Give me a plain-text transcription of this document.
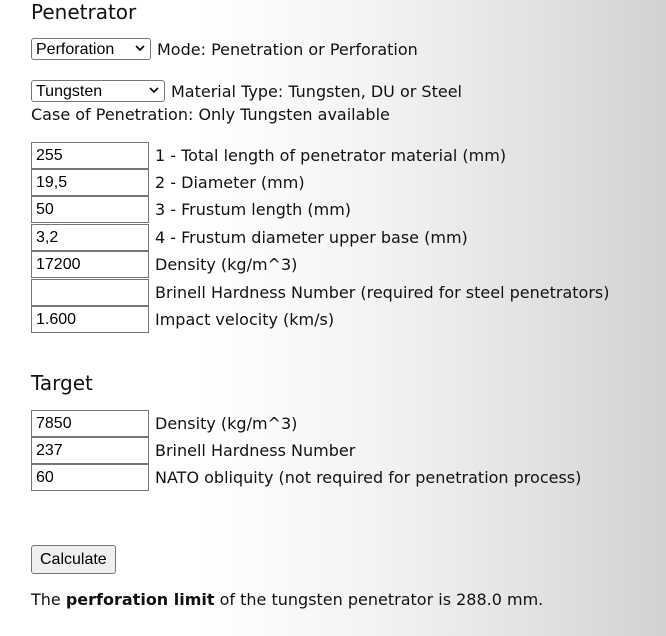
Penetrator
Perforation
Mode: Penetration or Perforation
Tungsten
Material Type: Tungsten, DU or Steel
Case of Penetration: Only Tungsten available
255
1 - Total length of penetrator material (mm)
19,5
2 - Diameter (mm)
50
3 - Frustum length (mm)
3,2
4 - Frustum diameter upper base (mm)
17200
Density (kg/m^3)
Brinell Hardness Number (required for steel penetrators)
1.600
Impact velocity (km/s)
Target
7850
Density (kg/m^3)
237
Brinell Hardness Number
60
NATO obliquity (not required for penetration process)
Calculate
The perforation limit of the tungsten penetrator is 288.0 mm.
